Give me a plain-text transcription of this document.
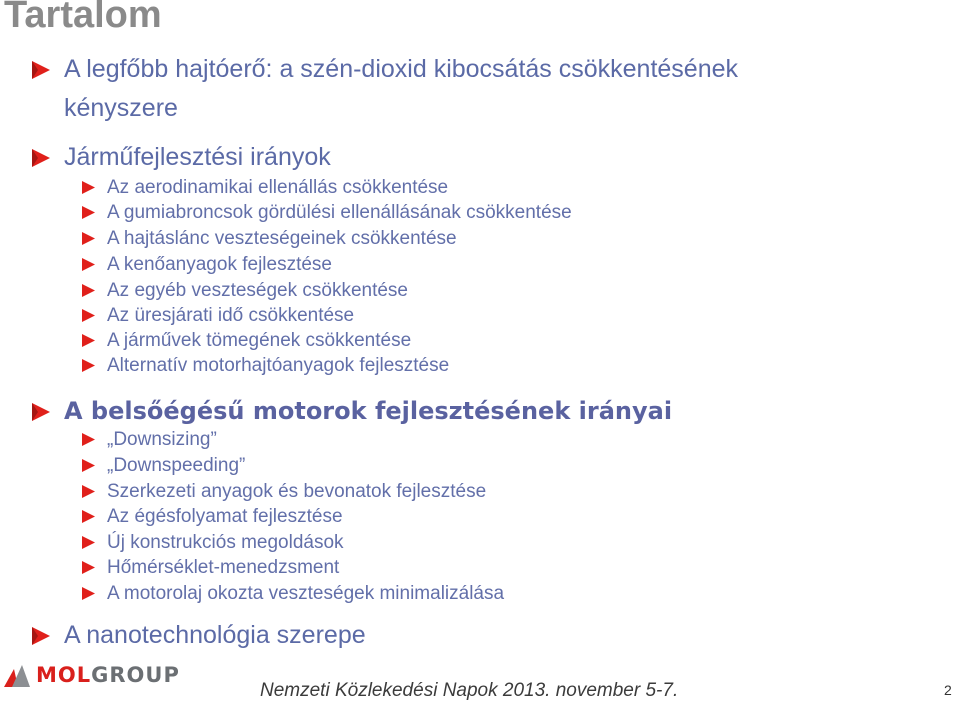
Tartalom
A legfőbb hajtóerő: a szén-dioxid kibocsátás csökkentésének
kényszere
Járműfejlesztési irányok
Az aerodinamikai ellenállás csökkentése
A gumiabroncsok gördülési ellenállásának csökkentése
A hajtáslánc veszteségeinek csökkentése
A kenőanyagok fejlesztése
Az egyéb veszteségek csökkentése
Az üresjárati idő csökkentése
A járművek tömegének csökkentése
Alternatív motorhajtóanyagok fejlesztése
A belsőégésű motorok fejlesztésének irányai
„Downsizing”
„Downspeeding”
Szerkezeti anyagok és bevonatok fejlesztése
Az égésfolyamat fejlesztése
Új konstrukciós megoldások
Hőmérséklet-menedzsment
A motorolaj okozta veszteségek minimalizálása
A nanotechnológia szerepe
MOLGROUP
Nemzeti Közlekedési Napok 2013. november 5-7.	2
